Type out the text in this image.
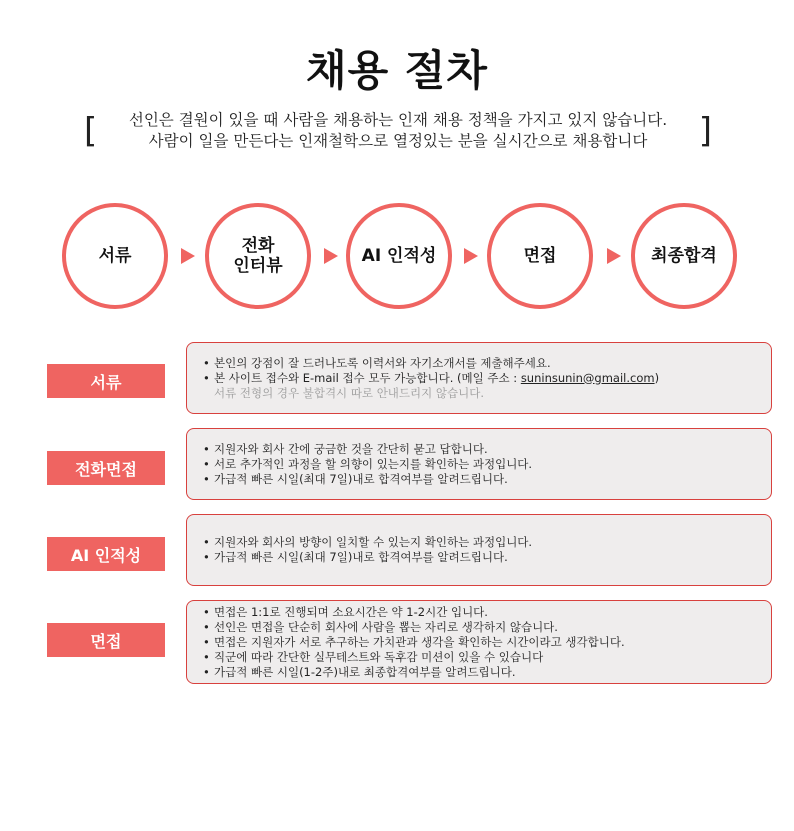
채용 절차
[	선인은 결원이 있을 때 사람을 채용하는 인재 채용 정책을 가지고 있지 않습니다.
사람이 일을 만든다는 인재철학으로 열정있는 분을 실시간으로 채용합니다	]
서류	전화
인터뷰	AI 인적성	면접	최종합격
서류
• 본인의 강점이 잘 드러나도록 이력서와 자기소개서를 제출해주세요.
• 본 사이트 접수와 E-mail 접수 모두 가능합니다. (메일 주소 : suninsunin@gmail.com)
서류 전형의 경우 불합격시 따로 안내드리지 않습니다.
전화면접
• 지원자와 회사 간에 궁금한 것을 간단히 묻고 답합니다.
• 서로 추가적인 과정을 할 의향이 있는지를 확인하는 과정입니다.
• 가급적 빠른 시일(최대 7일)내로 합격여부를 알려드립니다.
AI 인적성
• 지원자와 회사의 방향이 일치할 수 있는지 확인하는 과정입니다.
• 가급적 빠른 시일(최대 7일)내로 합격여부를 알려드립니다.
면접
• 면접은 1:1로 진행되며 소요시간은 약 1-2시간 입니다.
• 선인은 면접을 단순히 회사에 사람을 뽑는 자리로 생각하지 않습니다.
• 면접은 지원자가 서로 추구하는 가치관과 생각을 확인하는 시간이라고 생각합니다.
• 직군에 따라 간단한 실무테스트와 독후감 미션이 있을 수 있습니다
• 가급적 빠른 시일(1-2주)내로 최종합격여부를 알려드립니다.
